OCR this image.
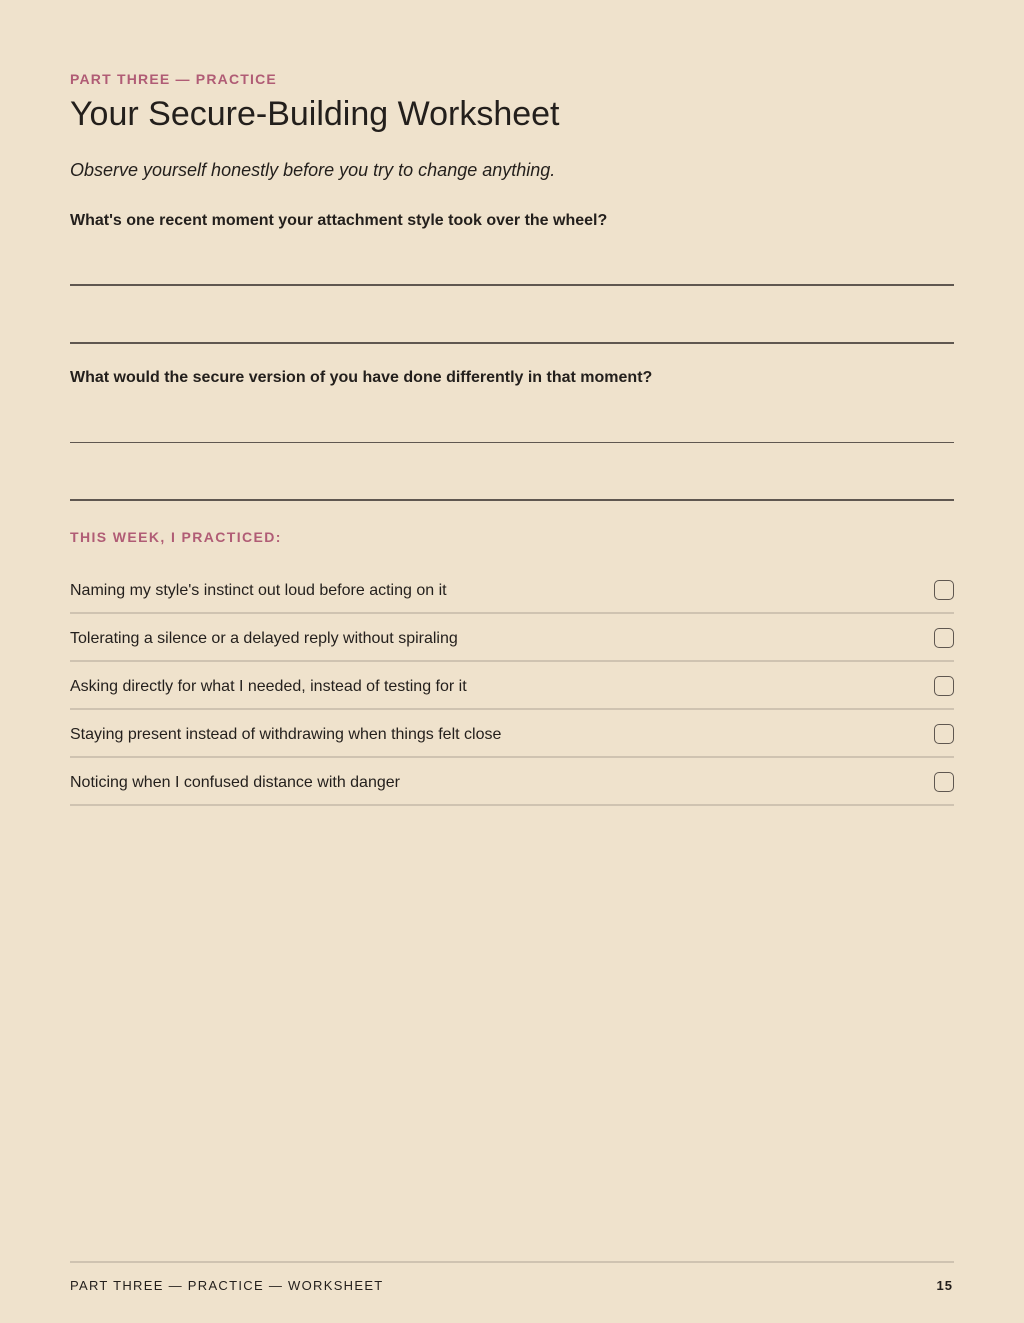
PART THREE — PRACTICE
Your Secure-Building Worksheet
Observe yourself honestly before you try to change anything.
What's one recent moment your attachment style took over the wheel?
What would the secure version of you have done differently in that moment?
THIS WEEK, I PRACTICED:
Naming my style's instinct out loud before acting on it
Tolerating a silence or a delayed reply without spiraling
Asking directly for what I needed, instead of testing for it
Staying present instead of withdrawing when things felt close
Noticing when I confused distance with danger
PART THREE — PRACTICE — WORKSHEET	15
